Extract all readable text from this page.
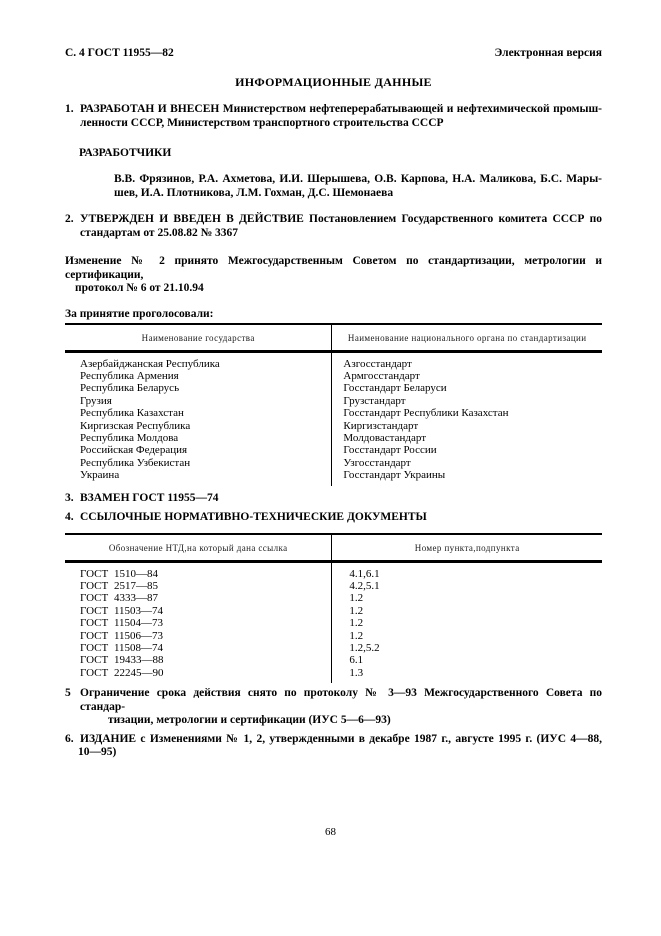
С. 4 ГОСТ 11955—82	Электронная версия
ИНФОРМАЦИОННЫЕ ДАННЫЕ
1. РАЗРАБОТАН И ВНЕСЕН Министерством нефтеперерабатывающей и нефтехимической промыш-
ленности СССР, Министерством транспортного строительства СССР
РАЗРАБОТЧИКИ
В.В. Фрязинов, Р.А. Ахметова, И.И. Шерышева, О.В. Карпова, Н.А. Маликова, Б.С. Мары-
шев, И.А. Плотникова, Л.М. Гохман, Д.С. Шемонаева
2. УТВЕРЖДЕН И ВВЕДЕН В ДЕЙСТВИЕ Постановлением Государственного комитета СССР по
стандартам от 25.08.82 № 3367
Изменение № 2 принято Межгосударственным Советом по стандартизации, метрологии и сертификации,
протокол № 6 от 21.10.94
За принятие проголосовали:
Наименование государства	Наименование национального органа по стандартизации
Азербайджанская Республика	Азгосстандарт
Республика Армения	Армгосстандарт
Республика Беларусь	Госстандарт Беларуси
Грузия	Грузстандарт
Республика Казахстан	Госстандарт Республики Казахстан
Киргизская Республика	Киргизстандарт
Республика Молдова	Молдовастандарт
Российская Федерация	Госстандарт России
Республика Узбекистан	Узгосстандарт
Украина	Госстандарт Украины
3. ВЗАМЕН ГОСТ 11955—74
4. ССЫЛОЧНЫЕ НОРМАТИВНО-ТЕХНИЧЕСКИЕ ДОКУМЕНТЫ
Обозначение НТД,на который дана ссылка	Номер пункта,подпункта
ГОСТ 1510—84	4.1,6.1
ГОСТ 2517—85	4.2,5.1
ГОСТ 4333—87	1.2
ГОСТ 11503—74	1.2
ГОСТ 11504—73	1.2
ГОСТ 11506—73	1.2
ГОСТ 11508—74	1.2,5.2
ГОСТ 19433—88	6.1
ГОСТ 22245—90	1.3
5 Ограничение срока действия снято по протоколу № 3—93 Межгосударственного Совета по стандар-
тизации, метрологии и сертификации (ИУС 5—6—93)
6. ИЗДАНИЕ с Изменениями № 1, 2, утвержденными в декабре 1987 г., августе 1995 г. (ИУС 4—88,
10—95)
68
